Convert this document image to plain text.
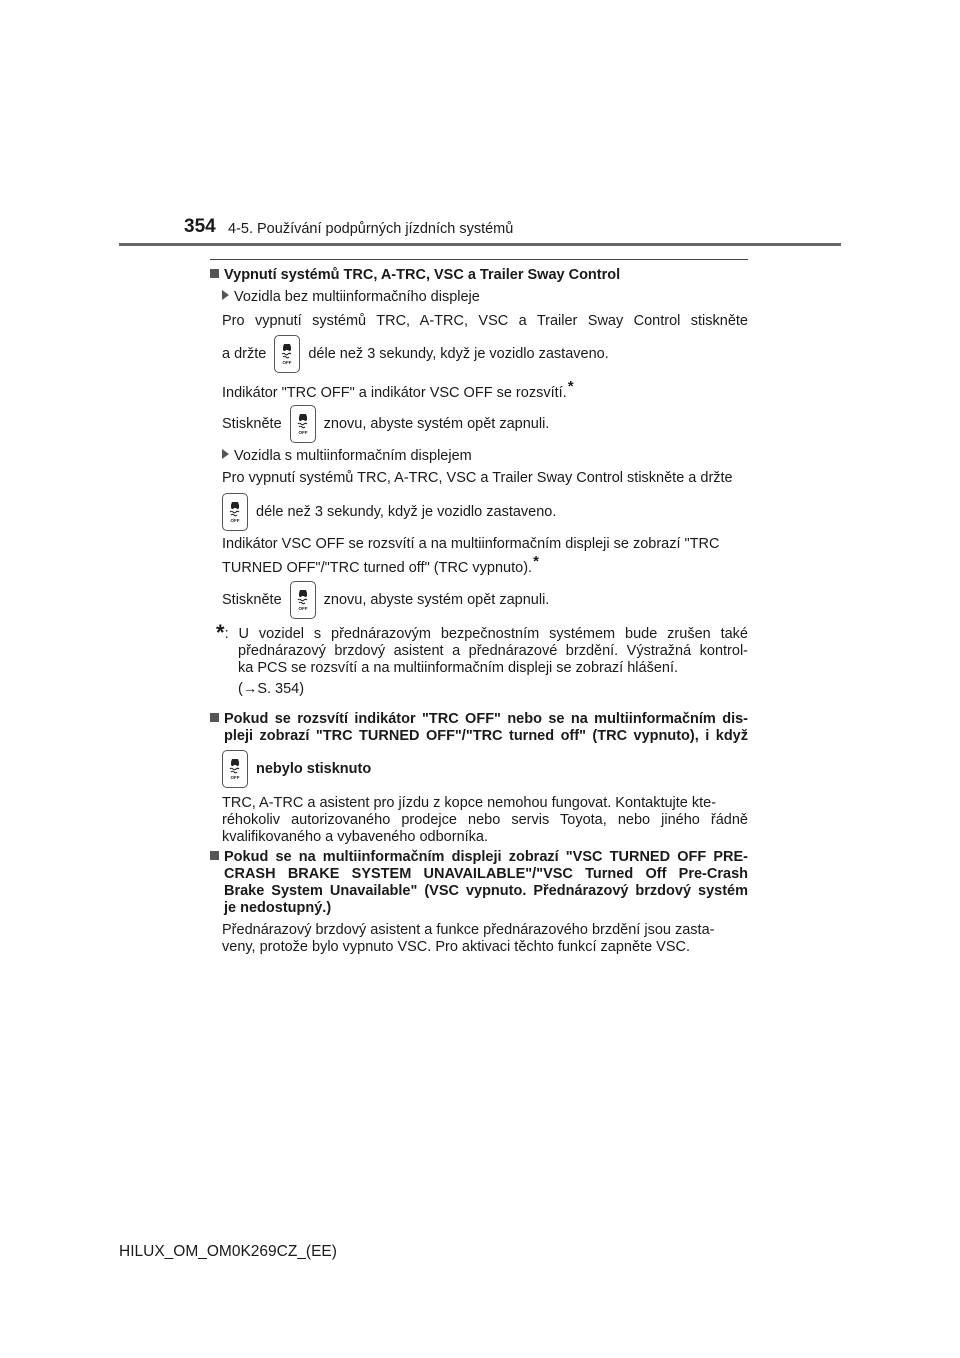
354 4-5. Používání podpůrných jízdních systémů
Vypnutí systémů TRC, A-TRC, VSC a Trailer Sway Control
Vozidla bez multiinformačního displeje
Pro vypnutí systémů TRC, A-TRC, VSC a Trailer Sway Control stiskněte
a držte	déle než 3 sekundy, když je vozidlo zastaveno.
Indikátor "TRC OFF" a indikátor VSC OFF se rozsvítí.*
Stiskněte	znovu, abyste systém opět zapnuli.
Vozidla s multiinformačním displejem
Pro vypnutí systémů TRC, A-TRC, VSC a Trailer Sway Control stiskněte a držte
déle než 3 sekundy, když je vozidlo zastaveno.
Indikátor VSC OFF se rozsvítí a na multiinformačním displeji se zobrazí "TRC
TURNED OFF"/"TRC turned off" (TRC vypnuto).*
Stiskněte	znovu, abyste systém opět zapnuli.
*: U vozidel s přednárazovým bezpečnostním systémem bude zrušen také
přednárazový brzdový asistent a přednárazové brzdění. Výstražná kontrol-
ka PCS se rozsvítí a na multiinformačním displeji se zobrazí hlášení.
(→S. 354)
Pokud se rozsvítí indikátor "TRC OFF" nebo se na multiinformačním dis-
pleji zobrazí "TRC TURNED OFF"/"TRC turned off" (TRC vypnuto), i když
nebylo stisknuto
TRC, A-TRC a asistent pro jízdu z kopce nemohou fungovat. Kontaktujte kte-
réhokoliv autorizovaného prodejce nebo servis Toyota, nebo jiného řádně
kvalifikovaného a vybaveného odborníka.
Pokud se na multiinformačním displeji zobrazí "VSC TURNED OFF PRE-
CRASH BRAKE SYSTEM UNAVAILABLE"/"VSC Turned Off Pre-Crash
Brake System Unavailable" (VSC vypnuto. Přednárazový brzdový systém
je nedostupný.)
Přednárazový brzdový asistent a funkce přednárazového brzdění jsou zasta-
veny, protože bylo vypnuto VSC. Pro aktivaci těchto funkcí zapněte VSC.
HILUX_OM_OM0K269CZ_(EE)
